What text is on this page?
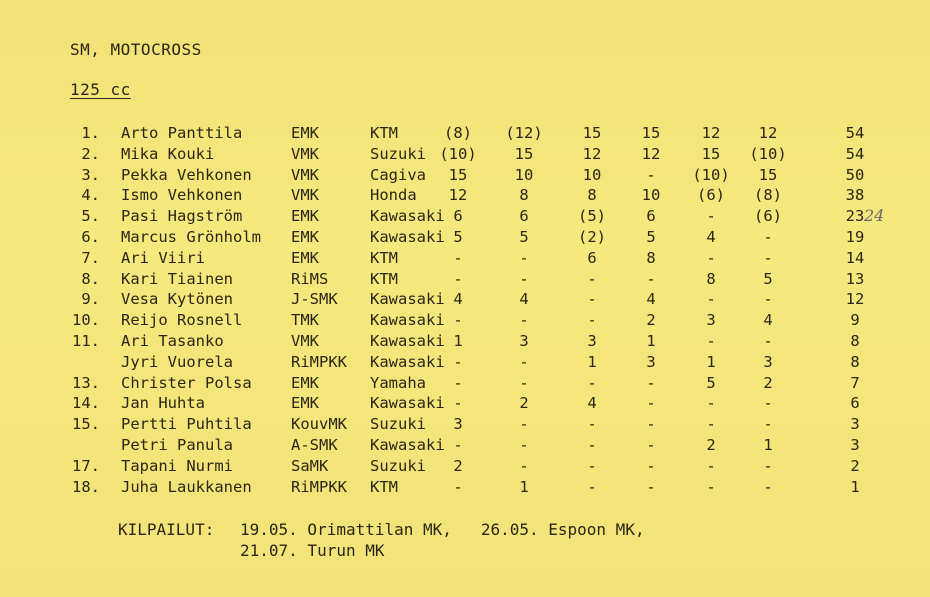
SM, MOTOCROSS
125 cc
1. Arto Panttila	EMK	KTM	(8)	(12)	15	15	12	12	54
2. Mika Kouki	VMK	Suzuki (10)	15	12	12	15	(10)	54
3. Pekka Vehkonen	VMK	Cagiva	15	10	10	-	(10)	15	50
4. Ismo Vehkonen	VMK	Honda	12	8	8	10	(6)	(8)	38
5. Pasi Hagström	EMK	Kawasaki 6	6	(5)	6	-	(6)	23 24
6. Marcus Grönholm EMK	Kawasaki 5	5	(2)	5	4	-	19
7. Ari Viiri	EMK	KTM	-	-	6	8	-	-	14
8. Kari Tiainen	RiMS	KTM	-	-	-	-	8	5	13
9. Vesa Kytönen	J-SMK Kawasaki 4	4	-	4	-	-	12
10. Reijo Rosnell	TMK	Kawasaki -	-	-	2	3	4	9
11. Ari Tasanko	VMK	Kawasaki 1	3	3	1	-	-	8
Jyri Vuorela	RiMPKK Kawasaki -	-	1	3	1	3	8
13. Christer Polsa	EMK	Yamaha	-	-	-	-	5	2	7
14. Jan Huhta	EMK	Kawasaki -	2	4	-	-	-	6
15. Pertti Puhtila	KouvMK Suzuki	3	-	-	-	-	-	3
Petri Panula	A-SMK Kawasaki -	-	-	-	2	1	3
17. Tapani Nurmi	SaMK	Suzuki	2	-	-	-	-	-	2
18. Juha Laukkanen	RiMPKK KTM	-	1	-	-	-	-	1
KILPAILUT: 19.05. Orimattilan MK,   26.05. Espoon MK,
21.07. Turun MK
